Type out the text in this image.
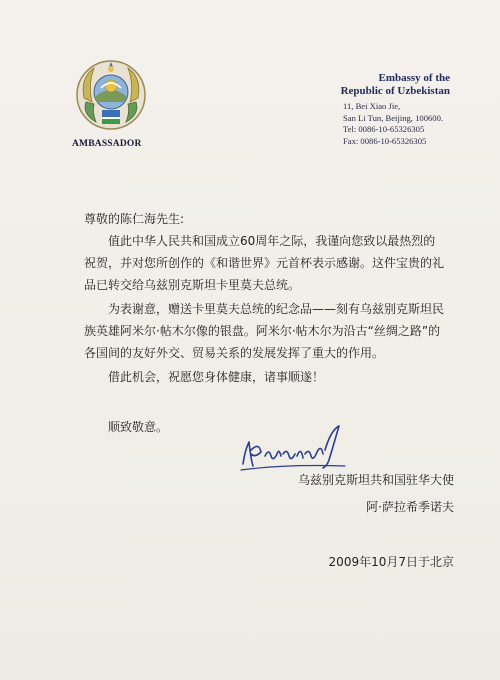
AMBASSADOR
Embassy of the
Republic of Uzbekistan
11, Bei Xiao Jie,
San Li Tun, Beijing, 100600.
Tel: 0086-10-65326305
Fax: 0086-10-65326305
尊敬的陈仁海先生:
值此中华人民共和国成立60周年之际，我谨向您致以最热烈的祝贺，并对您所创作的《和谐世界》元首杯表示感谢。这件宝贵的礼品已转交给乌兹别克斯坦卡里莫夫总统。
为表谢意，赠送卡里莫夫总统的纪念品——刻有乌兹别克斯坦民族英雄阿米尔·帖木尔像的银盘。阿米尔·帖木尔为沿古“丝绸之路”的各国间的友好外交、贸易关系的发展发挥了重大的作用。
借此机会，祝愿您身体健康，诸事顺遂！
顺致敬意。
乌兹别克斯坦共和国驻华大使
阿·萨拉希季诺夫
2009年10月7日于北京
